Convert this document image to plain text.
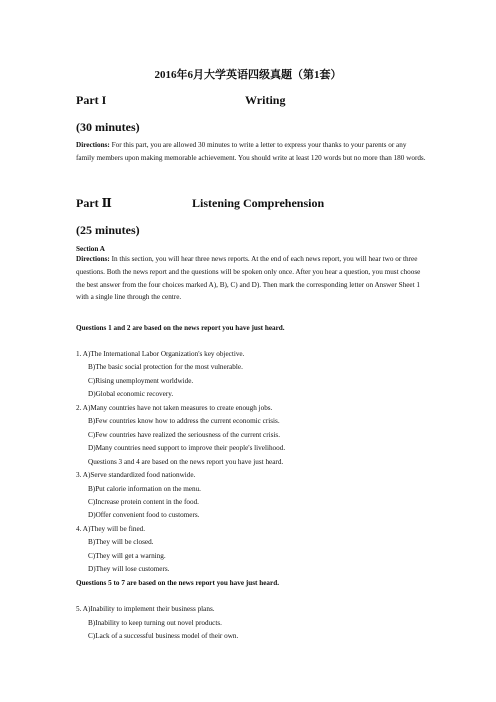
2016年6月大学英语四级真题（第1套）
Part I	Writing
(30 minutes)
Directions: For this part, you are allowed 30 minutes to write a letter to express your thanks to your parents or any family members upon making memorable achievement. You should write at least 120 words but no more than 180 words.
Part Ⅱ	Listening Comprehension
(25 minutes)
Section A
Directions: In this section, you will hear three news reports. At the end of each news report, you will hear two or three questions. Both the news report and the questions will be spoken only once. After you hear a question, you must choose the best answer from the four choices marked A), B), C) and D). Then mark the corresponding letter on Answer Sheet 1 with a single line through the centre.
Questions 1 and 2 are based on the news report you have just heard.
1. A)The International Labor Organization's key objective.
B)The basic social protection for the most vulnerable.
C)Rising unemployment worldwide.
D)Global economic recovery.
2. A)Many countries have not taken measures to create enough jobs.
B)Few countries know how to address the current economic crisis.
C)Few countries have realized the seriousness of the current crisis.
D)Many countries need support to improve their people's livelihood.
Questions 3 and 4 are based on the news report you have just heard.
3. A)Serve standardized food nationwide.
B)Put calorie information on the menu.
C)Increase protein content in the food.
D)Offer convenient food to customers.
4. A)They will be fined.
B)They will be closed.
C)They will get a warning.
D)They will lose customers.
Questions 5 to 7 are based on the news report you have just heard.
5. A)Inability to implement their business plans.
B)Inability to keep turning out novel products.
C)Lack of a successful business model of their own.
